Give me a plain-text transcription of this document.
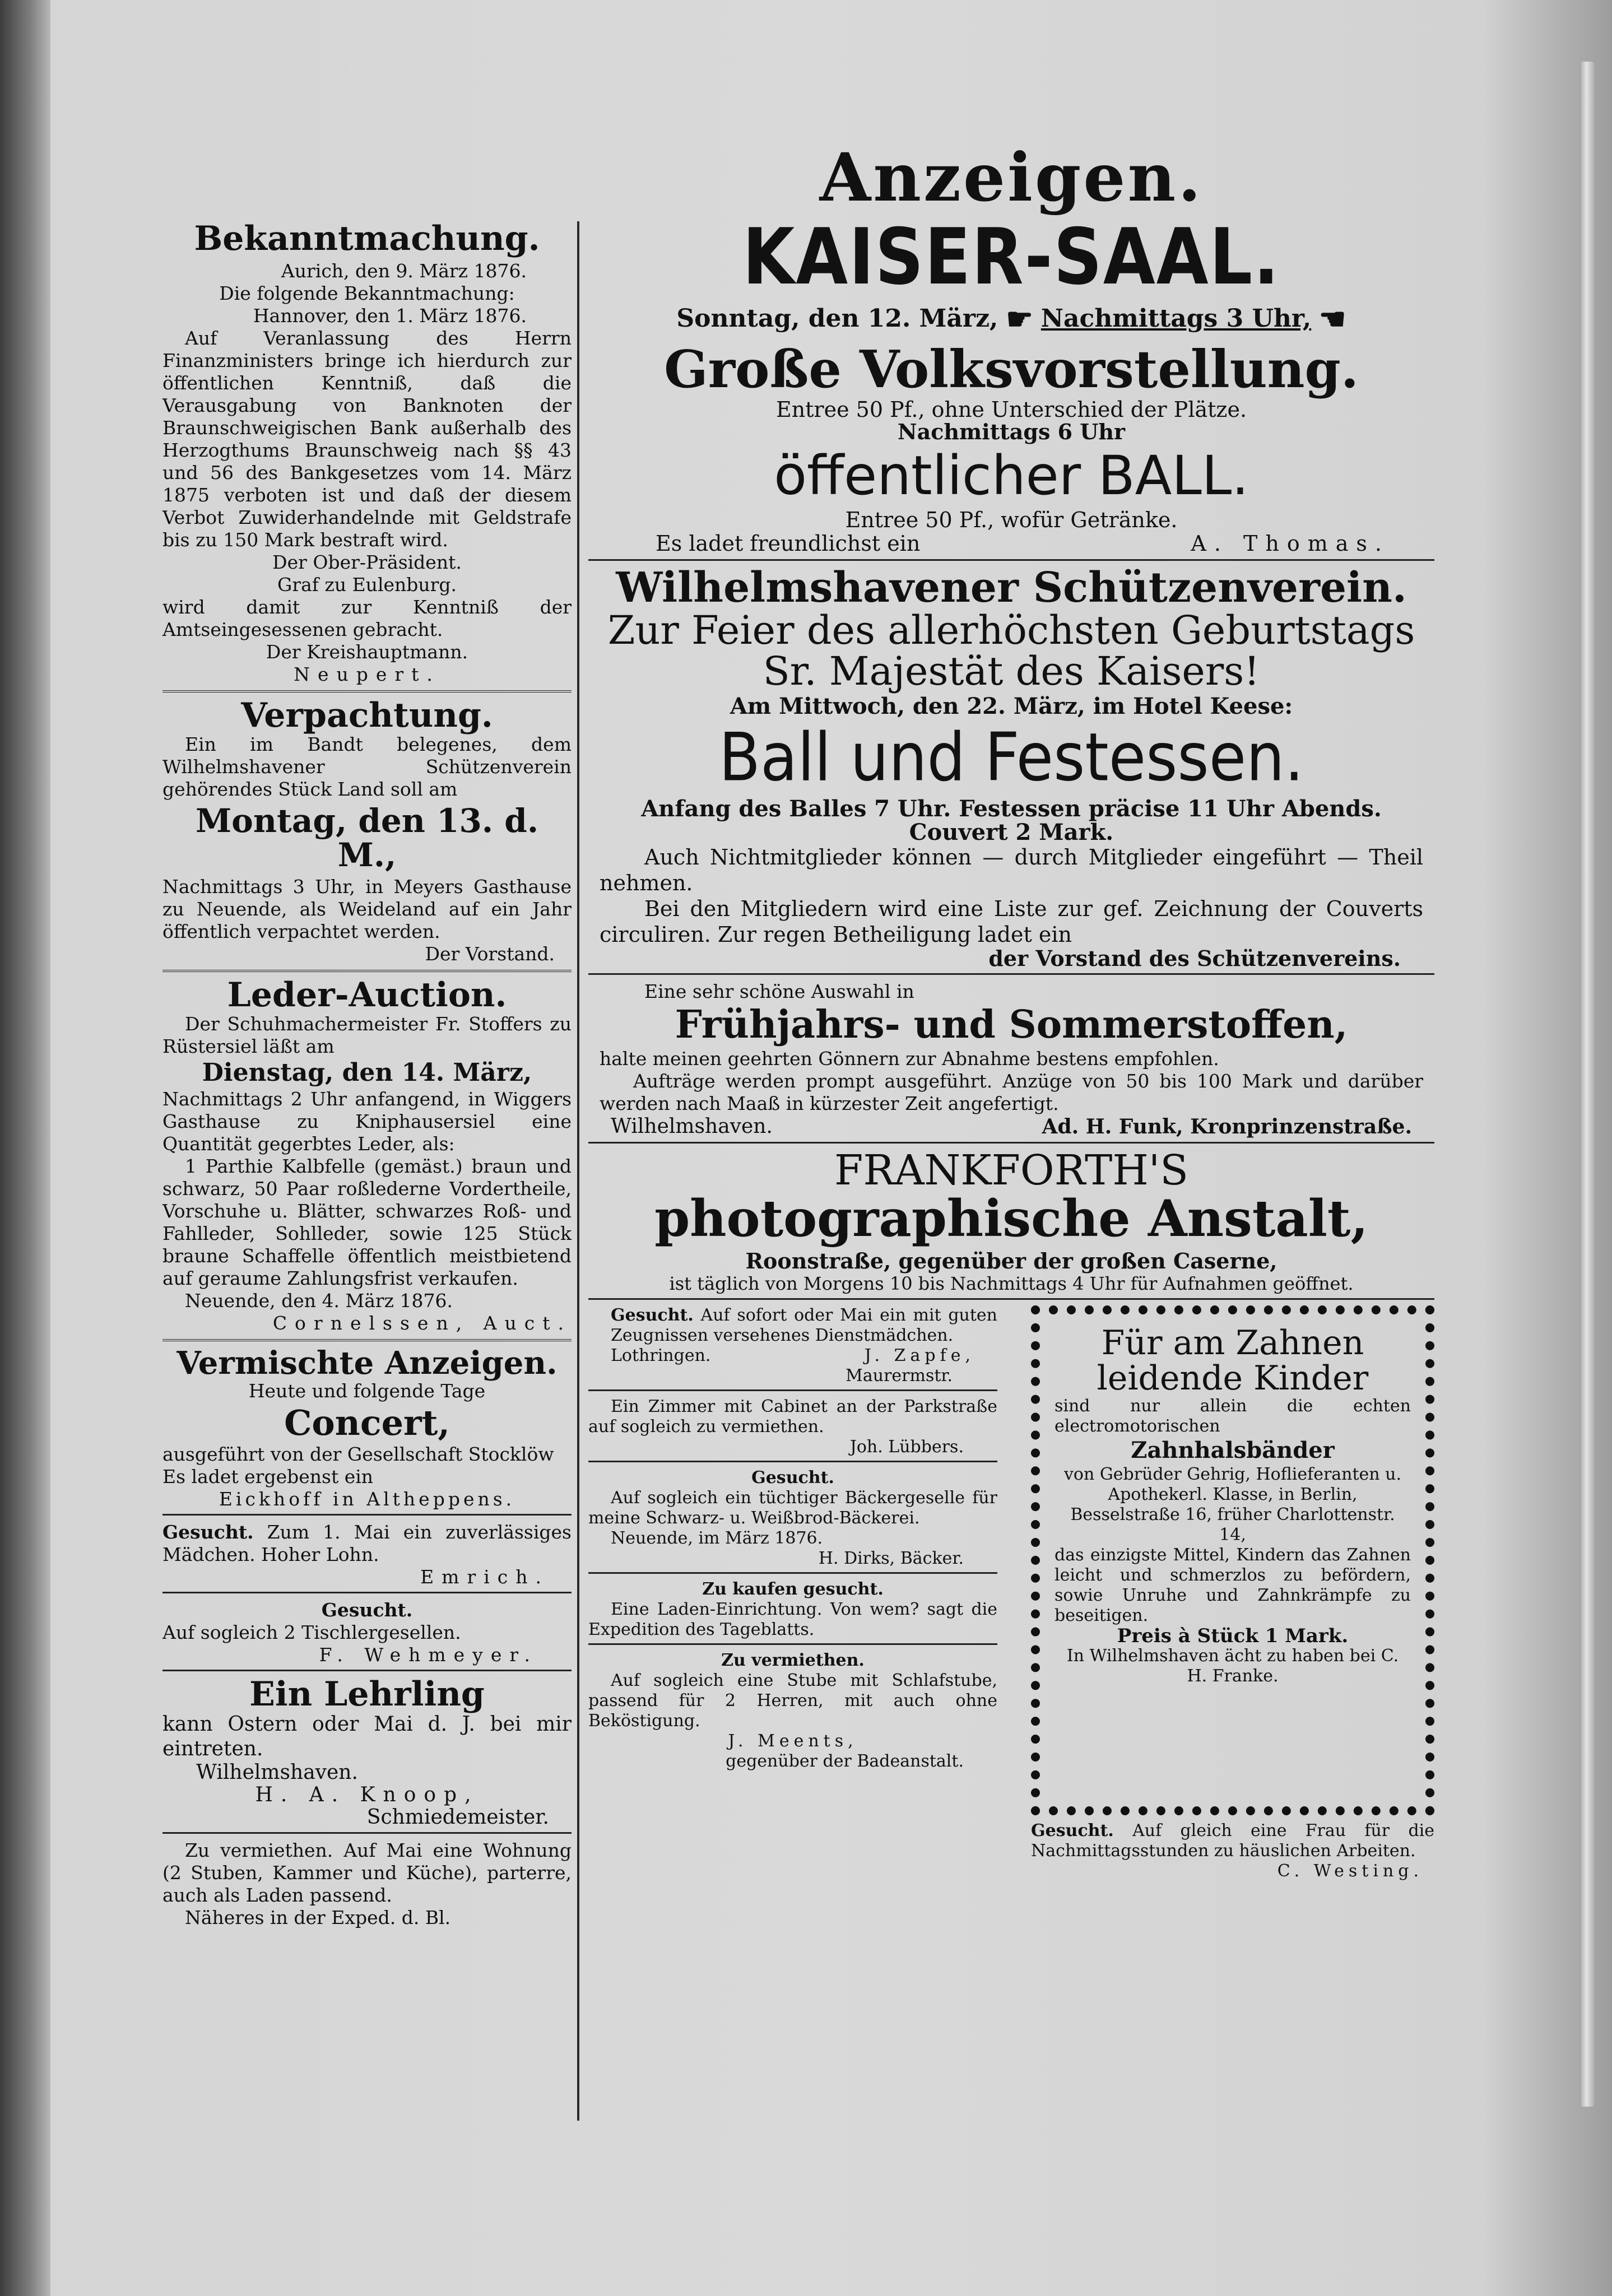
Bekanntmachung.
Aurich, den 9. März 1876.
Die folgende Bekanntmachung:
Hannover, den 1. März 1876.
Auf Veranlassung des Herrn Finanzministers bringe ich hierdurch zur öffentlichen Kenntniß, daß die Verausgabung von Banknoten der Braunschweigischen Bank außerhalb des Herzogthums Braunschweig nach §§ 43 und 56 des Bankgesetzes vom 14. März 1875 verboten ist und daß der diesem Verbot Zuwiderhandelnde mit Geldstrafe bis zu 150 Mark bestraft wird.
Der Ober-Präsident.
Graf zu Eulenburg.
wird damit zur Kenntniß der Amtseingesessenen gebracht.
Der Kreishauptmann.
Neupert.
Verpachtung.
Ein im Bandt belegenes, dem Wilhelmshavener Schützenverein gehörendes Stück Land soll am
Montag, den 13. d. M.,
Nachmittags 3 Uhr, in Meyers Gasthause zu Neuende, als Weideland auf ein Jahr öffentlich verpachtet werden.
Der Vorstand.
Leder-Auction.
Der Schuhmachermeister Fr. Stoffers zu Rüstersiel läßt am
Dienstag, den 14. März,
Nachmittags 2 Uhr anfangend, in Wiggers Gasthause zu Kniphausersiel eine Quantität gegerbtes Leder, als:
1 Parthie Kalbfelle (gemäst.) braun und schwarz, 50 Paar roßlederne Vordertheile, Vorschuhe u. Blätter, schwarzes Roß- und Fahlleder, Sohlleder, sowie 125 Stück braune Schaffelle öffentlich meistbietend auf geraume Zahlungsfrist verkaufen.
Neuende, den 4. März 1876.
Cornelssen, Auct.
Vermischte Anzeigen.
Heute und folgende Tage
Concert,
ausgeführt von der Gesellschaft Stocklöw
Es ladet ergebenst ein
Eickhoff in Altheppens.
Gesucht. Zum 1. Mai ein zuverlässiges Mädchen. Hoher Lohn.
Emrich.
Gesucht.
Auf sogleich 2 Tischlergesellen.
F. Wehmeyer.
Ein Lehrling
kann Ostern oder Mai d. J. bei mir eintreten.
Wilhelmshaven.
H. A. Knoop,
Schmiedemeister.
Zu vermiethen. Auf Mai eine Wohnung (2 Stuben, Kammer und Küche), parterre, auch als Laden passend.
Näheres in der Exped. d. Bl.
Anzeigen.
KAISER-SAAL.
Sonntag, den 12. März, ☛ Nachmittags 3 Uhr, ☛
Große Volksvorstellung.
Entree 50 Pf., ohne Unterschied der Plätze.
Nachmittags 6 Uhr
öffentlicher BALL.
Entree 50 Pf., wofür Getränke.
Es ladet freundlichst ein	A. Thomas.
Wilhelmshavener Schützenverein.
Zur Feier des allerhöchsten Geburtstags
Sr. Majestät des Kaisers!
Am Mittwoch, den 22. März, im Hotel Keese:
Ball und Festessen.
Anfang des Balles 7 Uhr. Festessen präcise 11 Uhr Abends.
Couvert 2 Mark.
Auch Nichtmitglieder können — durch Mitglieder eingeführt — Theil nehmen.
Bei den Mitgliedern wird eine Liste zur gef. Zeichnung der Couverts circuliren. Zur regen Betheiligung ladet ein
der Vorstand des Schützenvereins.
Eine sehr schöne Auswahl in
Frühjahrs- und Sommerstoffen,
halte meinen geehrten Gönnern zur Abnahme bestens empfohlen.
Aufträge werden prompt ausgeführt. Anzüge von 50 bis 100 Mark und darüber werden nach Maaß in kürzester Zeit angefertigt.
Wilhelmshaven.	Ad. H. Funk, Kronprinzenstraße.
FRANKFORTH'S
photographische Anstalt,
Roonstraße, gegenüber der großen Caserne,
ist täglich von Morgens 10 bis Nachmittags 4 Uhr für Aufnahmen geöffnet.
Gesucht. Auf sofort oder Mai ein mit guten Zeugnissen versehenes Dienstmädchen.
Lothringen.	J. Zapfe,
Maurermstr.
Ein Zimmer mit Cabinet an der Parkstraße auf sogleich zu vermiethen.
Joh. Lübbers.
Gesucht.
Auf sogleich ein tüchtiger Bäckergeselle für meine Schwarz- u. Weißbrod-Bäckerei.
Neuende, im März 1876.
H. Dirks, Bäcker.
Zu kaufen gesucht.
Eine Laden-Einrichtung. Von wem? sagt die Expedition des Tageblatts.
Zu vermiethen.
Auf sogleich eine Stube mit Schlafstube, passend für 2 Herren, mit auch ohne Beköstigung.
J. Meents,
gegenüber der Badeanstalt.
Für am Zahnen
leidende Kinder
sind nur allein die echten electromotorischen
Zahnhalsbänder
von Gebrüder Gehrig, Hoflieferanten u. Apothekerl. Klasse, in Berlin, Besselstraße 16, früher Charlottenstr. 14,
das einzigste Mittel, Kindern das Zahnen leicht und schmerzlos zu befördern, sowie Unruhe und Zahnkrämpfe zu beseitigen.
Preis à Stück 1 Mark.
In Wilhelmshaven ächt zu haben bei C. H. Franke.
Gesucht. Auf gleich eine Frau für die Nachmittagsstunden zu häuslichen Arbeiten.
C. Westing.
